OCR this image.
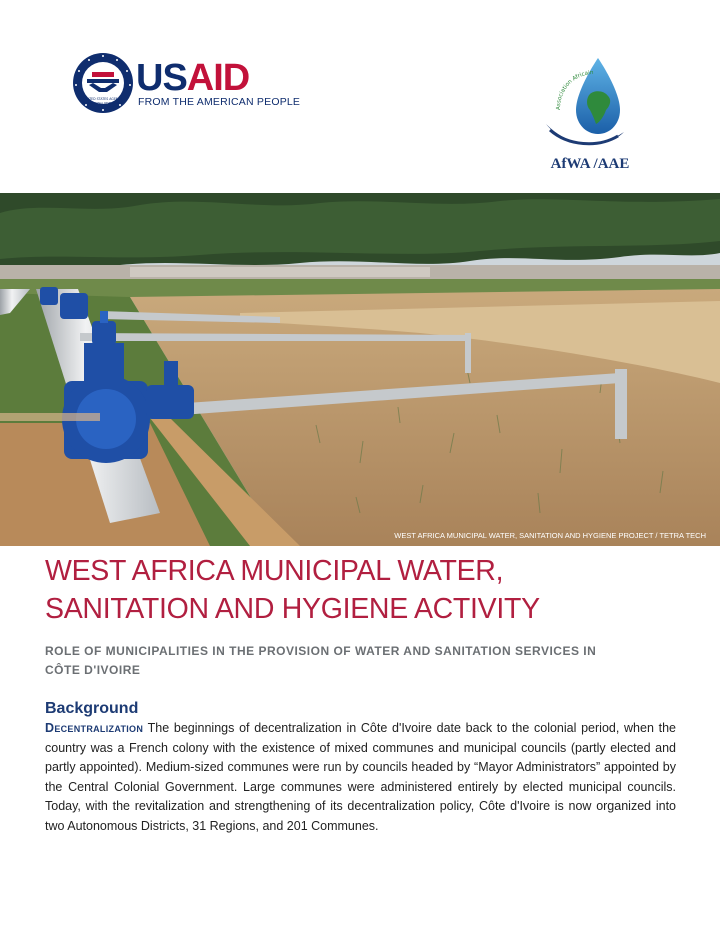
UNITED STATES AGENCY
INTERNATIONAL DEVELOPMENT
USAID
FROM THE AMERICAN PEOPLE
Association Africain
AfWA /AAE
WEST AFRICA MUNICIPAL WATER, SANITATION AND HYGIENE PROJECT / TETRA TECH
WEST AFRICA MUNICIPAL WATER,
SANITATION AND HYGIENE ACTIVITY
ROLE OF MUNICIPALITIES IN THE PROVISION OF WATER AND SANITATION SERVICES IN
CÔTE D'IVOIRE
Background

Decentralization The beginnings of decentralization in Côte d'Ivoire date back to the colonial period, when the country was a French colony with the existence of mixed communes and municipal councils (partly elected and partly appointed). Medium-sized communes were run by councils headed by “Mayor Administrators” appointed by the Central Colonial Government. Large communes were administered entirely by elected municipal councils. Today, with the revitalization and strengthening of its decentralization policy, Côte d'Ivoire is now organized into two Autonomous Districts, 31 Regions, and 201 Communes.
